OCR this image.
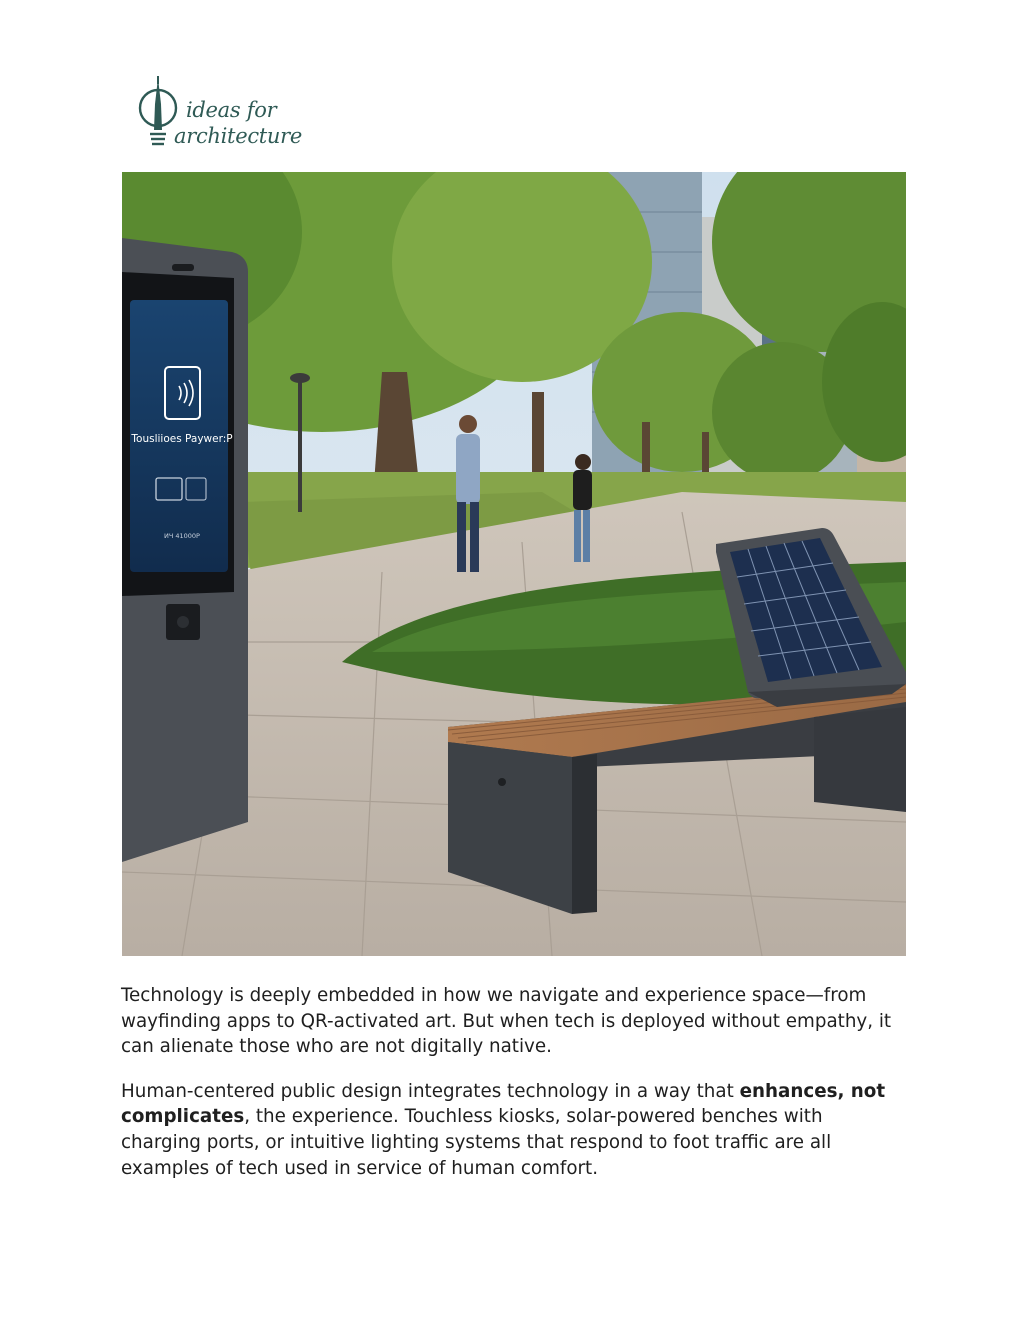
ideas for
architecture
Tousliioes Paywer:P
ИЧ 41000Р

Technology is deeply embedded in how we navigate and experience space—from wayfinding apps to QR-activated art. But when tech is deployed without empathy, it can alienate those who are not digitally native.

Human-centered public design integrates technology in a way that enhances, not complicates, the experience. Touchless kiosks, solar-powered benches with charging ports, or intuitive lighting systems that respond to foot traffic are all examples of tech used in service of human comfort.
